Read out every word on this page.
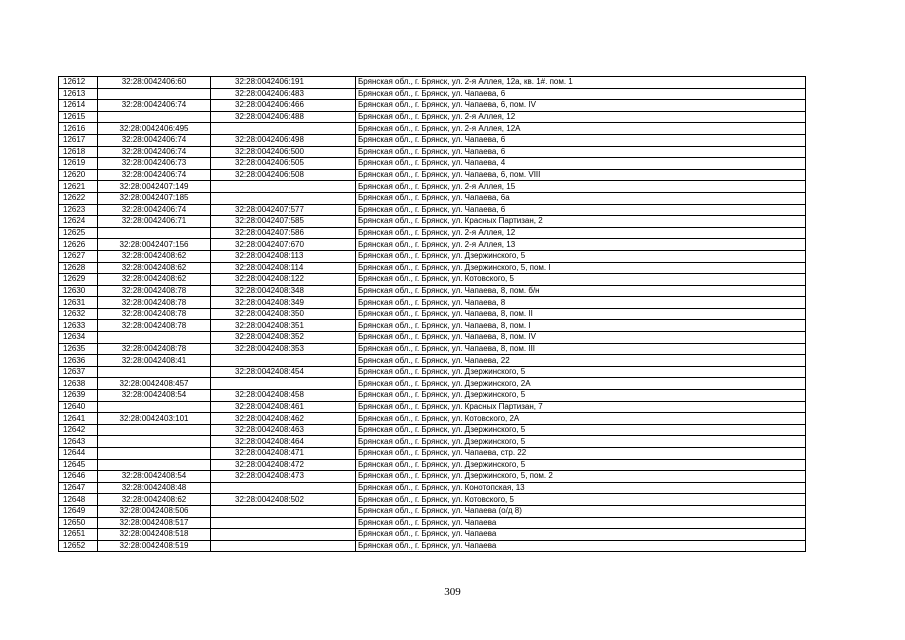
12612	32:28:0042406:60	32:28:0042406:191	Брянская обл., г. Брянск, ул. 2-я Аллея, 12а, кв. 1#. пом. 1
12613		32:28:0042406:483	Брянская обл., г. Брянск, ул. Чапаева, 6
12614	32:28:0042406:74	32:28:0042406:466	Брянская обл., г. Брянск, ул. Чапаева, 6, пом. IV
12615		32:28:0042406:488	Брянская обл., г. Брянск, ул. 2-я Аллея, 12
12616	32:28:0042406:495		Брянская обл., г. Брянск, ул. 2-я Аллея, 12А
12617	32:28:0042406:74	32:28:0042406:498	Брянская обл., г. Брянск, ул. Чапаева, 6
12618	32:28:0042406:74	32:28:0042406:500	Брянская обл., г. Брянск, ул. Чапаева, 6
12619	32:28:0042406:73	32:28:0042406:505	Брянская обл., г. Брянск, ул. Чапаева, 4
12620	32:28:0042406:74	32:28:0042406:508	Брянская обл., г. Брянск, ул. Чапаева, 6, пом. VIII
12621	32:28:0042407:149		Брянская обл., г. Брянск, ул. 2-я Аллея, 15
12622	32:28:0042407:185		Брянская обл., г. Брянск, ул. Чапаева, 6а
12623	32:28:0042406:74	32:28:0042407:577	Брянская обл., г. Брянск, ул. Чапаева, 6
12624	32:28:0042406:71	32:28:0042407:585	Брянская обл., г. Брянск, ул. Красных Партизан, 2
12625		32:28:0042407:586	Брянская обл., г. Брянск, ул. 2-я Аллея, 12
12626	32:28:0042407:156	32:28:0042407:670	Брянская обл., г. Брянск, ул. 2-я Аллея, 13
12627	32:28:0042408:62	32:28:0042408:113	Брянская обл., г. Брянск, ул. Дзержинского, 5
12628	32:28:0042408:62	32:28:0042408:114	Брянская обл., г. Брянск, ул. Дзержинского, 5, пом. I
12629	32:28:0042408:62	32:28:0042408:122	Брянская обл., г. Брянск, ул. Котовского, 5
12630	32:28:0042408:78	32:28:0042408:348	Брянская обл., г. Брянск, ул. Чапаева, 8, пом. б/н
12631	32:28:0042408:78	32:28:0042408:349	Брянская обл., г. Брянск, ул. Чапаева, 8
12632	32:28:0042408:78	32:28:0042408:350	Брянская обл., г. Брянск, ул. Чапаева, 8, пом. II
12633	32:28:0042408:78	32:28:0042408:351	Брянская обл., г. Брянск, ул. Чапаева, 8, пом. I
12634		32:28:0042408:352	Брянская обл., г. Брянск, ул. Чапаева, 8, пом. IV
12635	32:28:0042408:78	32:28:0042408:353	Брянская обл., г. Брянск, ул. Чапаева, 8, пом. III
12636	32:28:0042408:41		Брянская обл., г. Брянск, ул. Чапаева, 22
12637		32:28:0042408:454	Брянская обл., г. Брянск, ул. Дзержинского, 5
12638	32:28:0042408:457		Брянская обл., г. Брянск, ул. Дзержинского, 2А
12639	32:28:0042408:54	32:28:0042408:458	Брянская обл., г. Брянск, ул. Дзержинского, 5
12640		32:28:0042408:461	Брянская обл., г. Брянск, ул. Красных Партизан, 7
12641	32:28:0042403:101	32:28:0042408:462	Брянская обл., г. Брянск, ул. Котовского, 2А
12642		32:28:0042408:463	Брянская обл., г. Брянск, ул. Дзержинского, 5
12643		32:28:0042408:464	Брянская обл., г. Брянск, ул. Дзержинского, 5
12644		32:28:0042408:471	Брянская обл., г. Брянск, ул. Чапаева, стр. 22
12645		32:28:0042408:472	Брянская обл., г. Брянск, ул. Дзержинского, 5
12646	32:28:0042408:54	32:28:0042408:473	Брянская обл., г. Брянск, ул. Дзержинского, 5, пом. 2
12647	32:28:0042408:48		Брянская обл., г. Брянск, ул. Конотопская, 13
12648	32:28:0042408:62	32:28:0042408:502	Брянская обл., г. Брянск, ул. Котовского, 5
12649	32:28:0042408:506		Брянская обл., г. Брянск, ул. Чапаева (о/д 8)
12650	32:28:0042408:517		Брянская обл., г. Брянск, ул. Чапаева
12651	32:28:0042408:518		Брянская обл., г. Брянск, ул. Чапаева
12652	32:28:0042408:519		Брянская обл., г. Брянск, ул. Чапаева
309
